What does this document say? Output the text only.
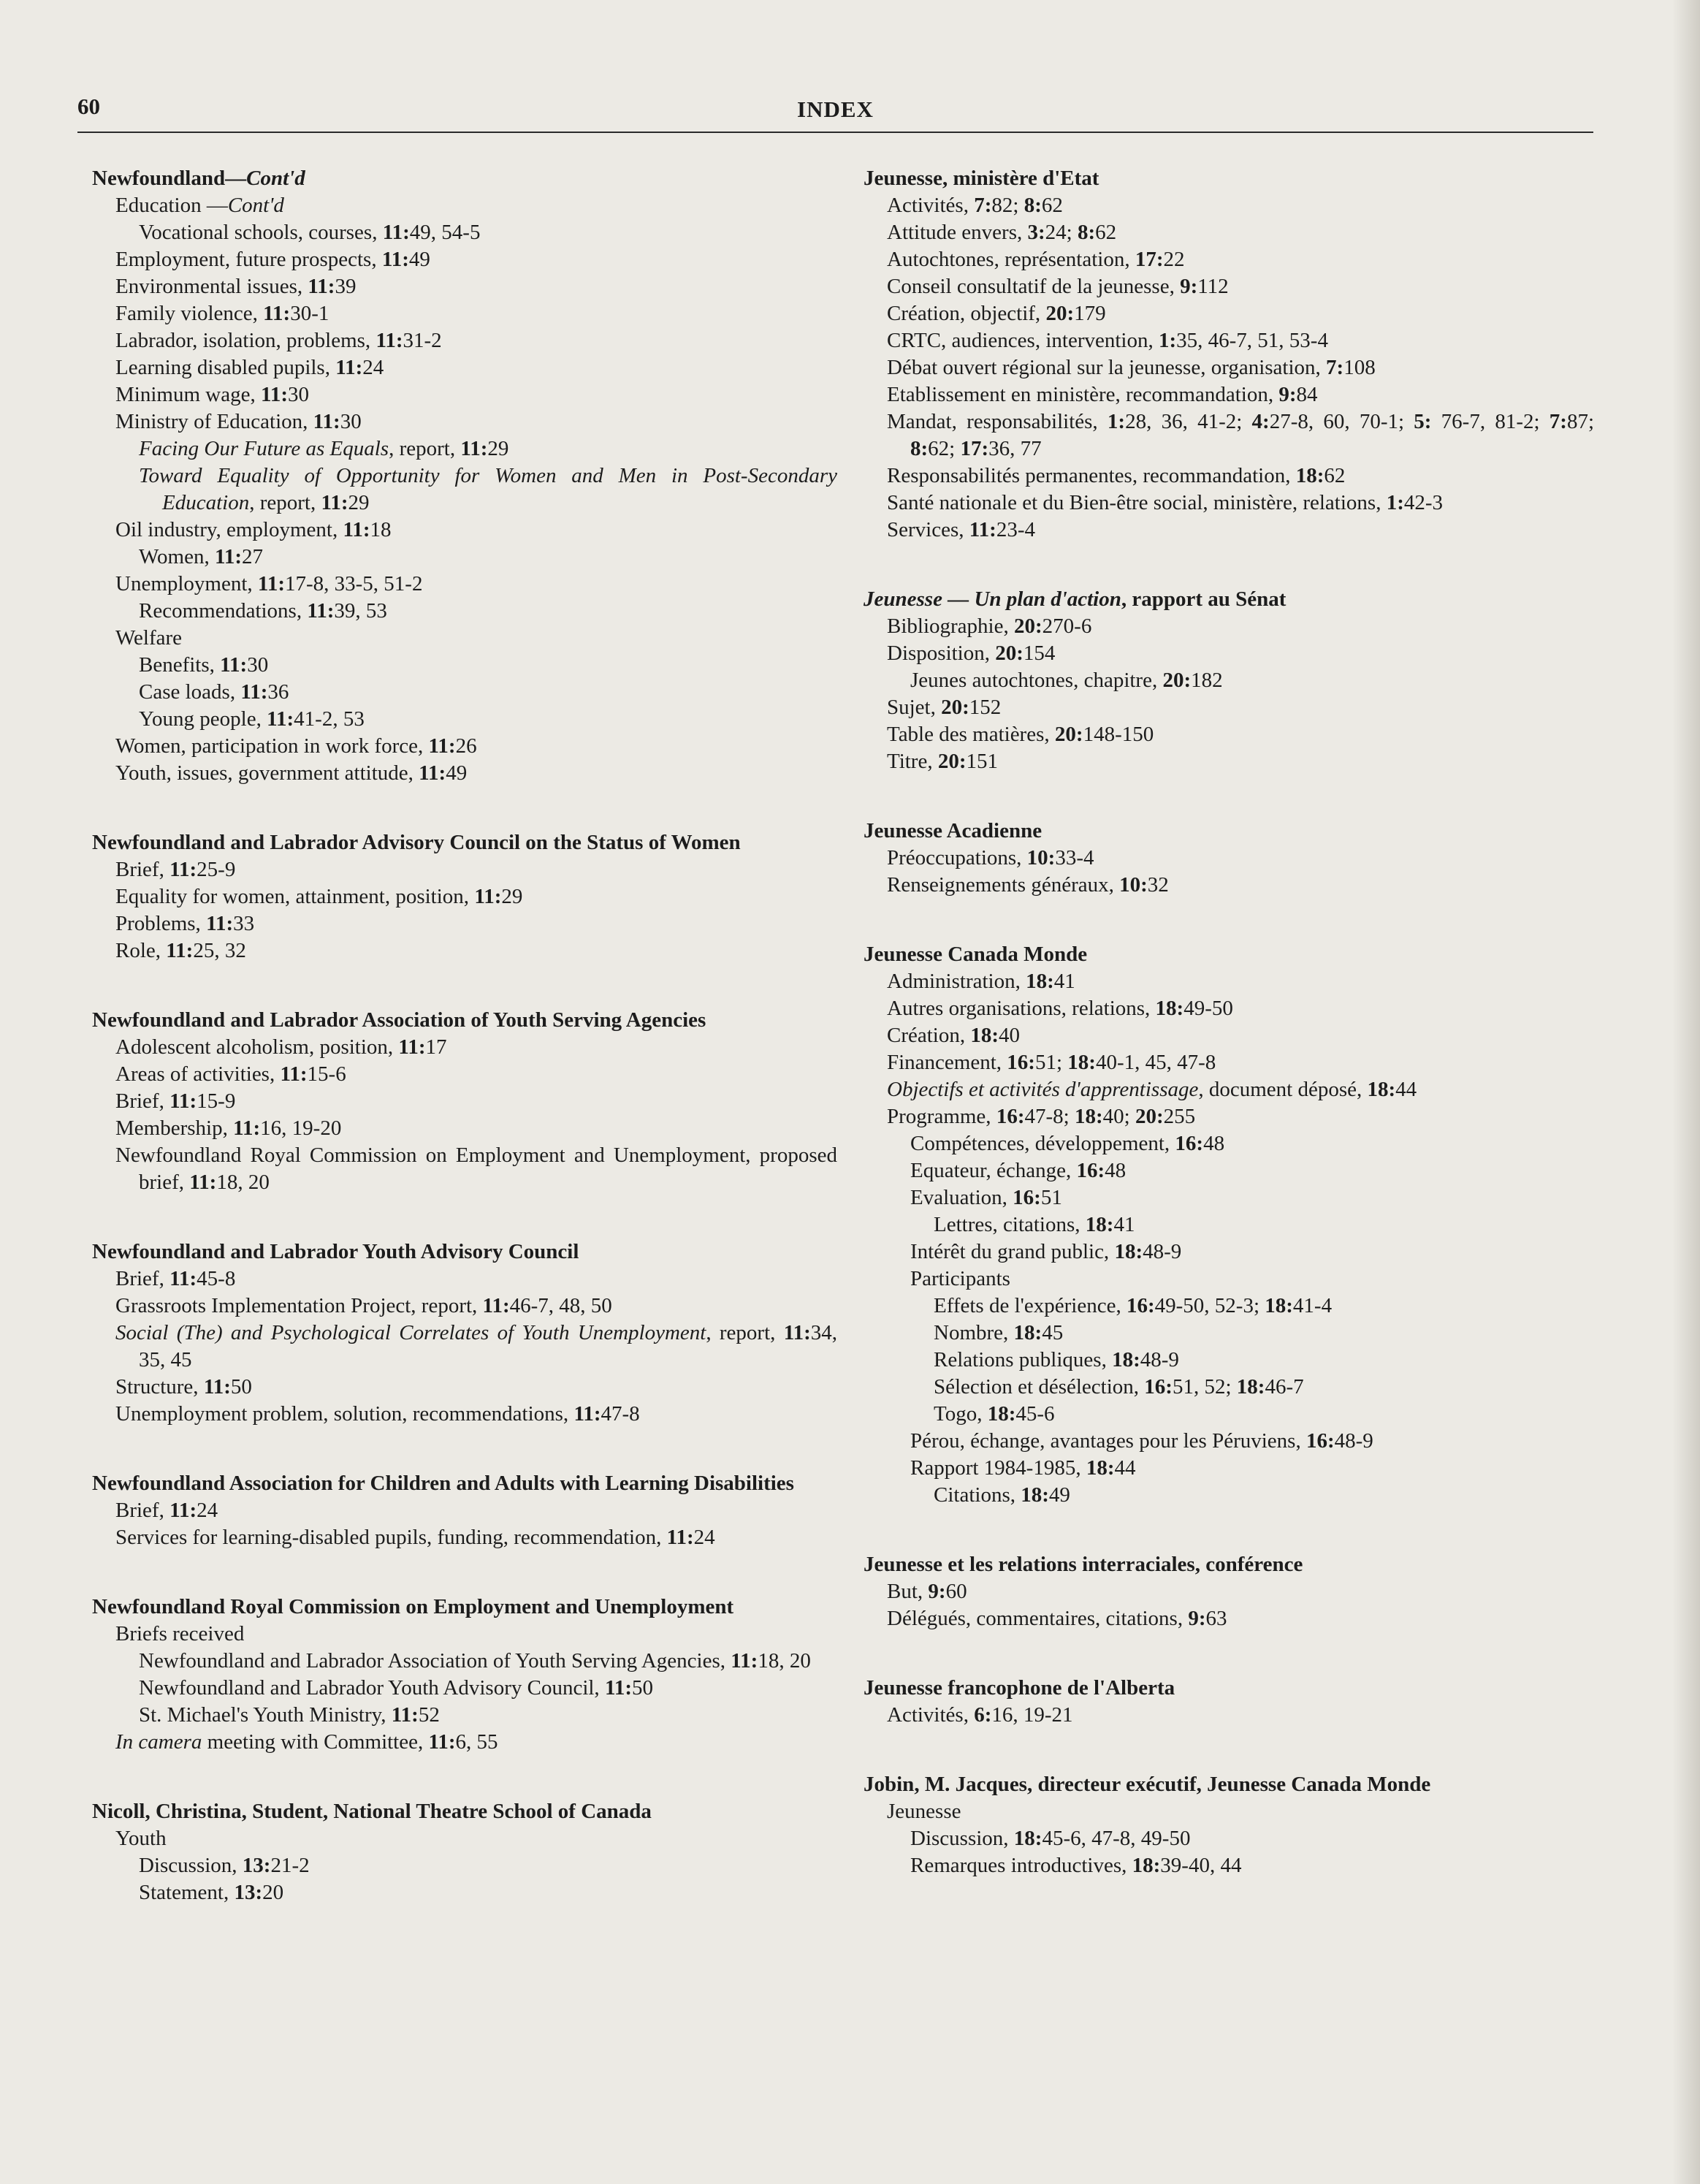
60	INDEX
Newfoundland—Cont'd
Education —Cont'd
Vocational schools, courses, 11:49, 54-5
Employment, future prospects, 11:49
Environmental issues, 11:39
Family violence, 11:30-1
Labrador, isolation, problems, 11:31-2
Learning disabled pupils, 11:24
Minimum wage, 11:30
Ministry of Education, 11:30
Facing Our Future as Equals, report, 11:29
Toward Equality of Opportunity for Women and Men in Post-Secondary Education, report, 11:29
Oil industry, employment, 11:18
Women, 11:27
Unemployment, 11:17-8, 33-5, 51-2
Recommendations, 11:39, 53
Welfare
Benefits, 11:30
Case loads, 11:36
Young people, 11:41-2, 53
Women, participation in work force, 11:26
Youth, issues, government attitude, 11:49
Newfoundland and Labrador Advisory Council on the Status of Women
Brief, 11:25-9
Equality for women, attainment, position, 11:29
Problems, 11:33
Role, 11:25, 32
Newfoundland and Labrador Association of Youth Serving Agencies
Adolescent alcoholism, position, 11:17
Areas of activities, 11:15-6
Brief, 11:15-9
Membership, 11:16, 19-20
Newfoundland Royal Commission on Employment and Unemployment, proposed brief, 11:18, 20
Newfoundland and Labrador Youth Advisory Council
Brief, 11:45-8
Grassroots Implementation Project, report, 11:46-7, 48, 50
Social (The) and Psychological Correlates of Youth Unemployment, report, 11:34, 35, 45
Structure, 11:50
Unemployment problem, solution, recommendations, 11:47-8
Newfoundland Association for Children and Adults with Learning Disabilities
Brief, 11:24
Services for learning-disabled pupils, funding, recommendation, 11:24
Newfoundland Royal Commission on Employment and Unemployment
Briefs received
Newfoundland and Labrador Association of Youth Serving Agencies, 11:18, 20
Newfoundland and Labrador Youth Advisory Council, 11:50
St. Michael's Youth Ministry, 11:52
In camera meeting with Committee, 11:6, 55
Nicoll, Christina, Student, National Theatre School of Canada
Youth
Discussion, 13:21-2
Statement, 13:20
Jeunesse, ministère d'Etat
Activités, 7:82; 8:62
Attitude envers, 3:24; 8:62
Autochtones, représentation, 17:22
Conseil consultatif de la jeunesse, 9:112
Création, objectif, 20:179
CRTC, audiences, intervention, 1:35, 46-7, 51, 53-4
Débat ouvert régional sur la jeunesse, organisation, 7:108
Etablissement en ministère, recommandation, 9:84
Mandat, responsabilités, 1:28, 36, 41-2; 4:27-8, 60, 70-1; 5: 76-7, 81-2; 7:87; 8:62; 17:36, 77
Responsabilités permanentes, recommandation, 18:62
Santé nationale et du Bien-être social, ministère, relations, 1:42-3
Services, 11:23-4
Jeunesse — Un plan d'action, rapport au Sénat
Bibliographie, 20:270-6
Disposition, 20:154
Jeunes autochtones, chapitre, 20:182
Sujet, 20:152
Table des matières, 20:148-150
Titre, 20:151
Jeunesse Acadienne
Préoccupations, 10:33-4
Renseignements généraux, 10:32
Jeunesse Canada Monde
Administration, 18:41
Autres organisations, relations, 18:49-50
Création, 18:40
Financement, 16:51; 18:40-1, 45, 47-8
Objectifs et activités d'apprentissage, document déposé, 18:44
Programme, 16:47-8; 18:40; 20:255
Compétences, développement, 16:48
Equateur, échange, 16:48
Evaluation, 16:51
Lettres, citations, 18:41
Intérêt du grand public, 18:48-9
Participants
Effets de l'expérience, 16:49-50, 52-3; 18:41-4
Nombre, 18:45
Relations publiques, 18:48-9
Sélection et désélection, 16:51, 52; 18:46-7
Togo, 18:45-6
Pérou, échange, avantages pour les Péruviens, 16:48-9
Rapport 1984-1985, 18:44
Citations, 18:49
Jeunesse et les relations interraciales, conférence
But, 9:60
Délégués, commentaires, citations, 9:63
Jeunesse francophone de l'Alberta
Activités, 6:16, 19-21
Jobin, M. Jacques, directeur exécutif, Jeunesse Canada Monde
Jeunesse
Discussion, 18:45-6, 47-8, 49-50
Remarques introductives, 18:39-40, 44
